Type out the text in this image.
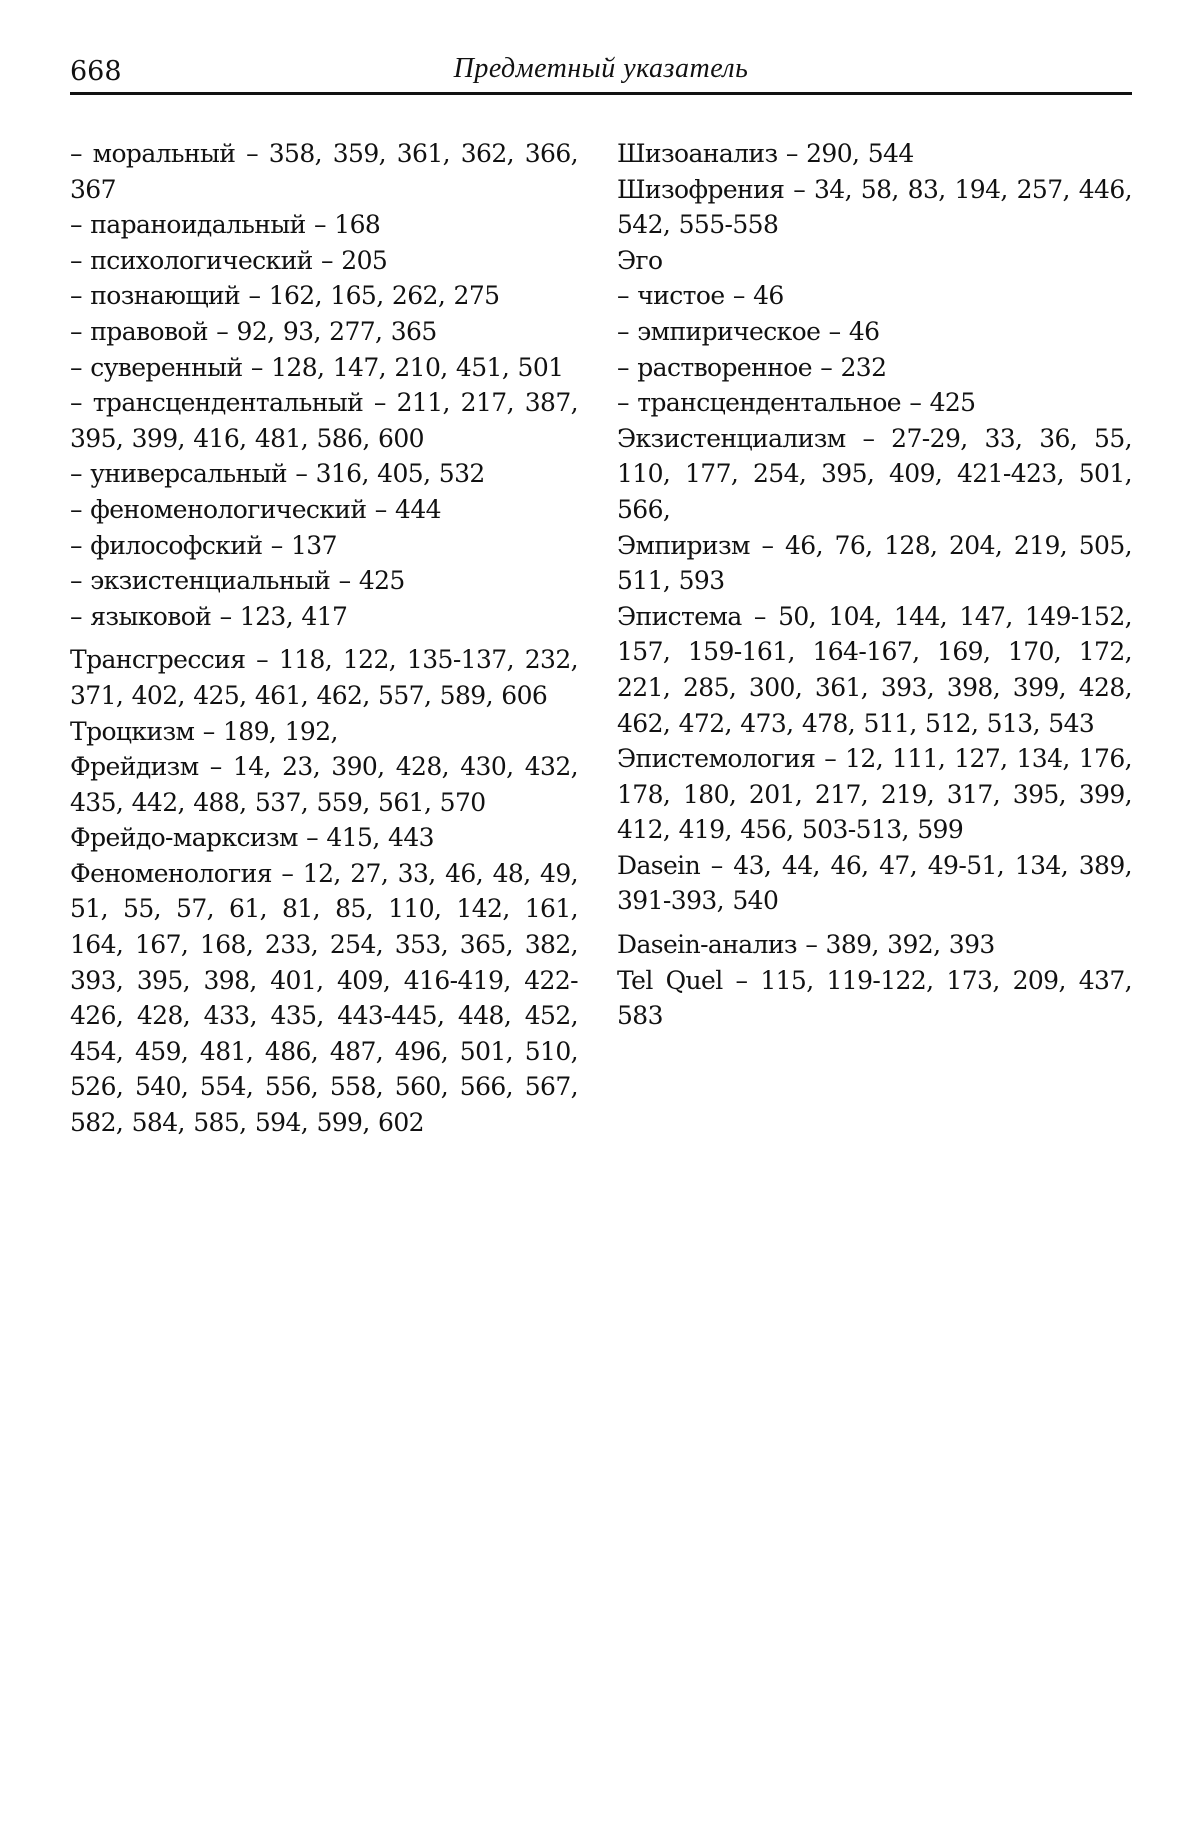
668	Предметный указатель

– моральный – 358, 359, 361, 362, 366, 367

– параноидальный – 168

– психологический – 205

– познающий – 162, 165, 262, 275

– правовой – 92, 93, 277, 365

– суверенный – 128, 147, 210, 451, 501

– трансцендентальный – 211, 217, 387, 395, 399, 416, 481, 586, 600

– универсальный – 316, 405, 532

– феноменологический – 444

– философский – 137

– экзистенциальный – 425

– языковой – 123, 417

Трансгрессия – 118, 122, 135-137, 232, 371, 402, 425, 461, 462, 557, 589, 606

Троцкизм – 189, 192,

Фрейдизм – 14, 23, 390, 428, 430, 432, 435, 442, 488, 537, 559, 561, 570

Фрейдо-марксизм – 415, 443

Феноменология – 12, 27, 33, 46, 48, 49, 51, 55, 57, 61, 81, 85, 110, 142, 161, 164, 167, 168, 233, 254, 353, 365, 382, 393, 395, 398, 401, 409, 416-419, 422-426, 428, 433, 435, 443-445, 448, 452, 454, 459, 481, 486, 487, 496, 501, 510, 526, 540, 554, 556, 558, 560, 566, 567, 582, 584, 585, 594, 599, 602

Шизоанализ – 290, 544

Шизофрения – 34, 58, 83, 194, 257, 446, 542, 555-558

Эго

– чистое – 46

– эмпирическое – 46

– растворенное – 232

– трансцендентальное – 425

Экзистенциализм – 27-29, 33, 36, 55, 110, 177, 254, 395, 409, 421-423, 501, 566,

Эмпиризм – 46, 76, 128, 204, 219, 505, 511, 593

Эпистема – 50, 104, 144, 147, 149-152, 157, 159-161, 164-167, 169, 170, 172, 221, 285, 300, 361, 393, 398, 399, 428, 462, 472, 473, 478, 511, 512, 513, 543

Эпистемология – 12, 111, 127, 134, 176, 178, 180, 201, 217, 219, 317, 395, 399, 412, 419, 456, 503-513, 599

Dasein – 43, 44, 46, 47, 49-51, 134, 389, 391-393, 540

Dasein-анализ – 389, 392, 393

Tel Quel – 115, 119-122, 173, 209, 437, 583
